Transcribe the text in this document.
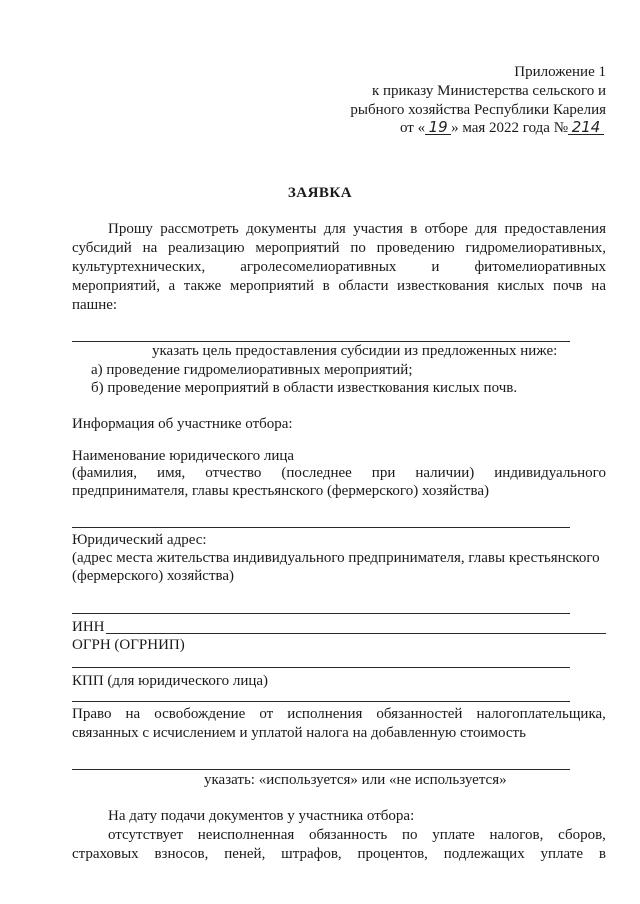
Приложение 1
к приказу Министерства сельского и
рыбного хозяйства Республики Карелия
от « 19 » мая 2022 года № 214
ЗАЯВКА
Прошу рассмотреть документы для участия в отборе для предоставления
субсидий на реализацию мероприятий по проведению гидромелиоративных,
культуртехнических, агролесомелиоративных и фитомелиоративных
мероприятий, а также мероприятий в области известкования кислых почв на
пашне:
указать цель предоставления субсидии из предложенных ниже:
а) проведение гидромелиоративных мероприятий;
б) проведение мероприятий в области известкования кислых почв.
Информация об участнике отбора:
Наименование юридического лица
(фамилия, имя, отчество (последнее при наличии) индивидуального
предпринимателя, главы крестьянского (фермерского) хозяйства)
Юридический адрес:
(адрес места жительства индивидуального предпринимателя, главы крестьянского
(фермерского) хозяйства)
ИНН
ОГРН (ОГРНИП)
КПП (для юридического лица)
Право на освобождение от исполнения обязанностей налогоплательщика,
связанных с исчислением и уплатой налога на добавленную стоимость
указать: «используется» или «не используется»
На дату подачи документов у участника отбора:
отсутствует неисполненная обязанность по уплате налогов, сборов,
страховых взносов, пеней, штрафов, процентов, подлежащих уплате в
